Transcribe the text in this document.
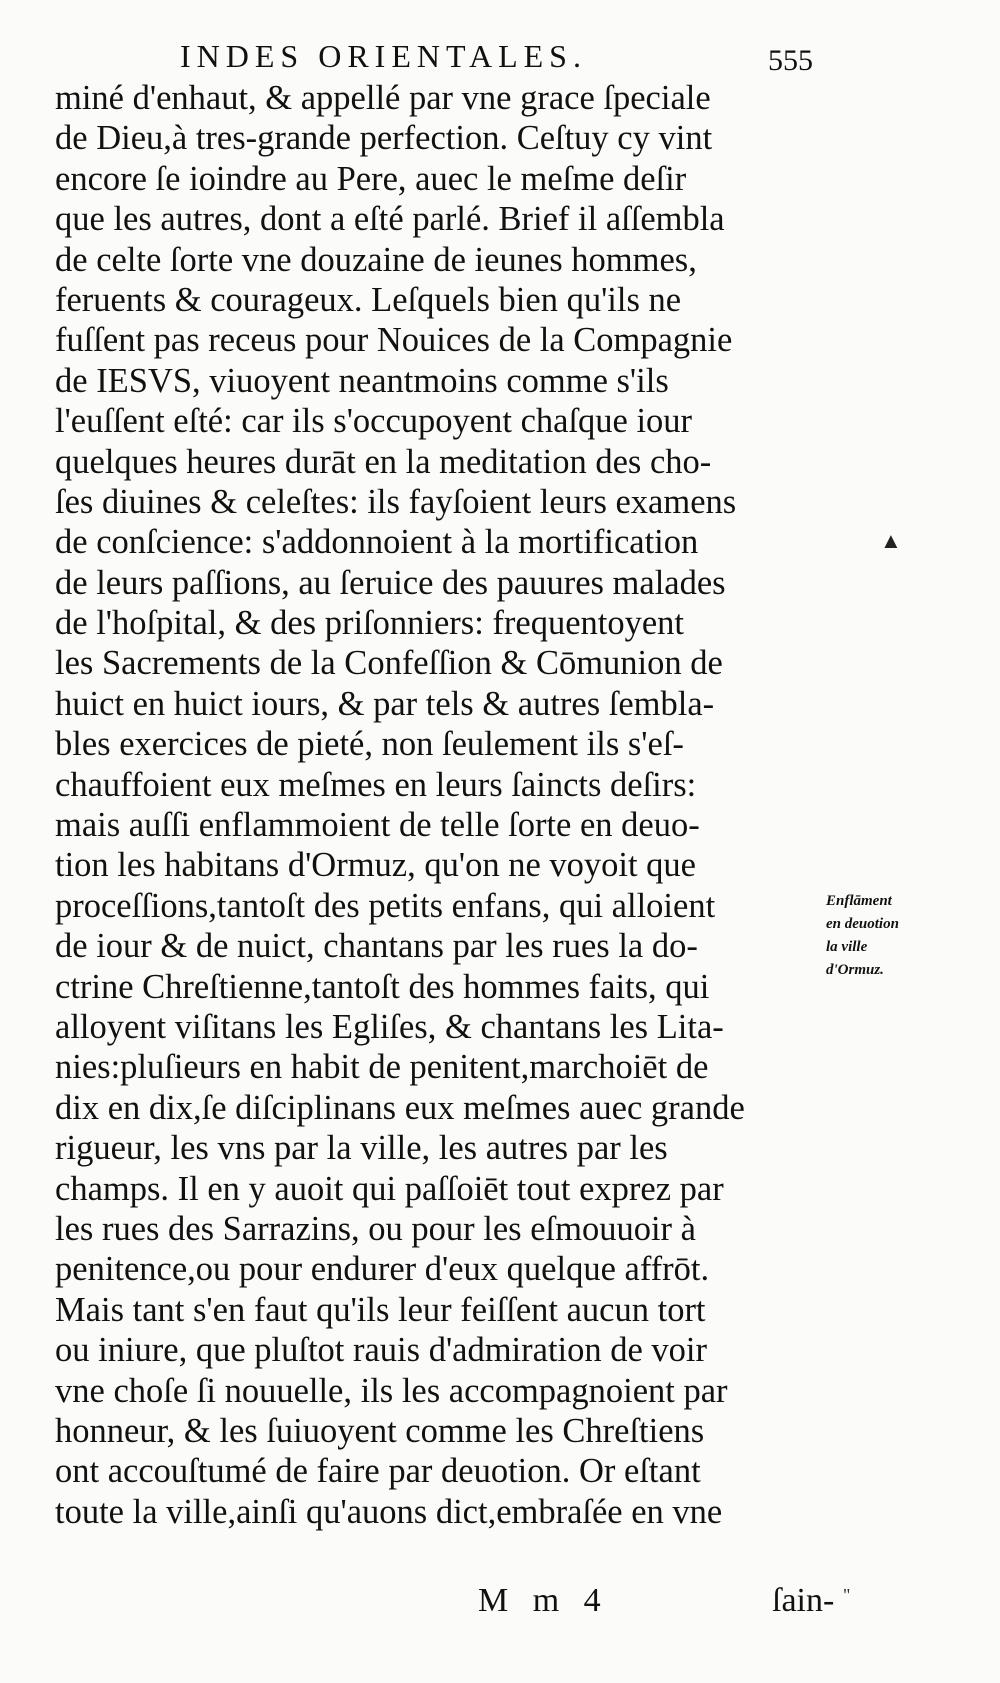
INDES ORIENTALES.	555
miné d'enhaut, & appellé par vne grace ſpeciale
de Dieu,à tres-grande perfection. Ceſtuy cy vint
encore ſe ioindre au Pere, auec le meſme deſir
que les autres, dont a eſté parlé. Brief il aſſembla
de celte ſorte vne douzaine de ieunes hommes,
feruents & courageux. Leſquels bien qu'ils ne
fuſſent pas receus pour Nouices de la Compagnie
de IESVS, viuoyent neantmoins comme s'ils
l'euſſent eſté: car ils s'occupoyent chaſque iour
quelques heures durāt en la meditation des cho-
ſes diuines & celeſtes: ils fayſoient leurs examens
de conſcience: s'addonnoient à la mortification
de leurs paſſions, au ſeruice des pauures malades
de l'hoſpital, & des priſonniers: frequentoyent
les Sacrements de la Confeſſion & Cōmunion de
huict en huict iours, & par tels & autres ſembla-
bles exercices de pieté, non ſeulement ils s'eſ-
chauffoient eux meſmes en leurs ſaincts deſirs:
mais auſſi enflammoient de telle ſorte en deuo-
tion les habitans d'Ormuz, qu'on ne voyoit que
proceſſions,tantoſt des petits enfans, qui alloient
de iour & de nuict, chantans par les rues la do-
ctrine Chreſtienne,tantoſt des hommes faits, qui
alloyent viſitans les Egliſes, & chantans les Lita-
nies:pluſieurs en habit de penitent,marchoiēt de
dix en dix,ſe diſciplinans eux meſmes auec grande
rigueur, les vns par la ville, les autres par les
champs. Il en y auoit qui paſſoiēt tout exprez par
les rues des Sarrazins, ou pour les eſmouuoir à
penitence,ou pour endurer d'eux quelque affrōt.
Mais tant s'en faut qu'ils leur feiſſent aucun tort
ou iniure, que pluſtot rauis d'admiration de voir
vne choſe ſi nouuelle, ils les accompagnoient par
honneur, & les ſuiuoyent comme les Chreſtiens
ont accouſtumé de faire par deuotion. Or eſtant
toute la ville,ainſi qu'auons dict,embraſée en vne
Enflāment
en deuotion
la ville
d'Ormuz.
▲
"
M m 4	ſain-
